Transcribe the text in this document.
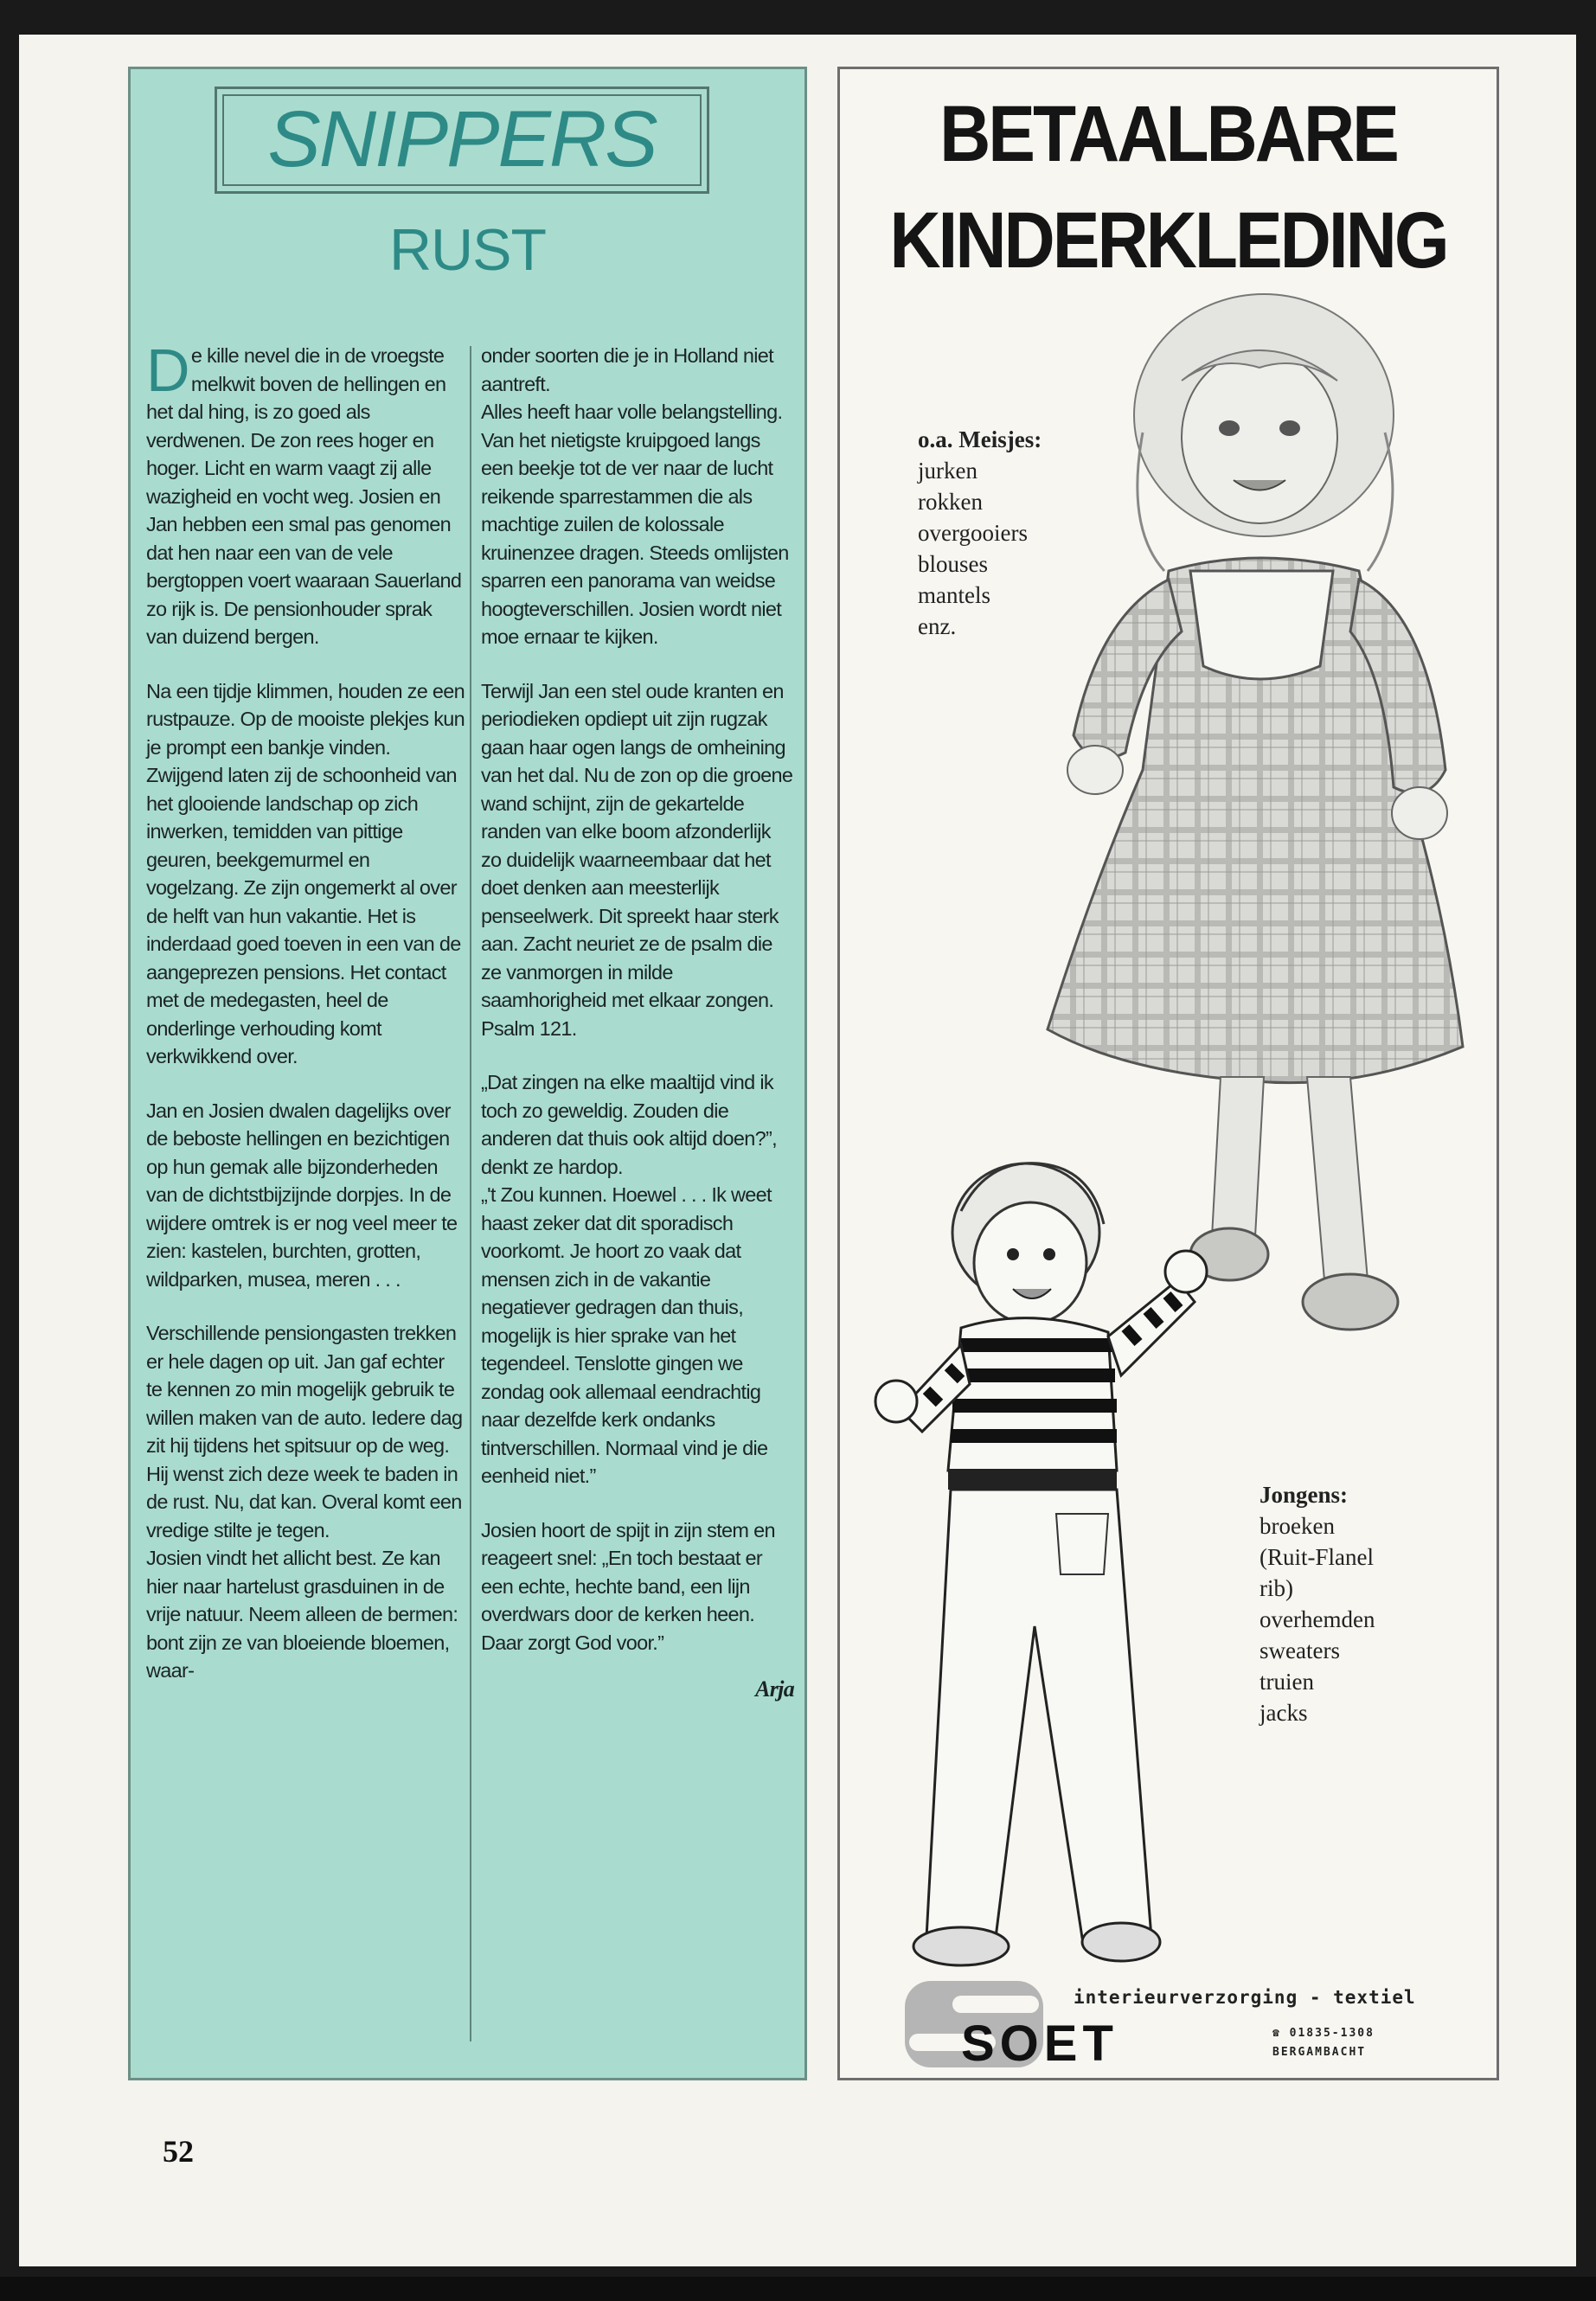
SNIPPERS
RUST

De kille nevel die in de vroegste melkwit boven de hellingen en het dal hing, is zo goed als verdwenen. De zon rees hoger en hoger. Licht en warm vaagt zij alle wazigheid en vocht weg. Josien en Jan hebben een smal pas genomen dat hen naar een van de vele bergtoppen voert waaraan Sauerland zo rijk is. De pensionhouder sprak van duizend bergen.

Na een tijdje klimmen, houden ze een rustpauze. Op de mooiste plekjes kun je prompt een bankje vinden. Zwijgend laten zij de schoonheid van het glooiende landschap op zich inwerken, temidden van pittige geuren, beekgemurmel en vogelzang. Ze zijn ongemerkt al over de helft van hun vakantie. Het is inderdaad goed toeven in een van de aangeprezen pensions. Het contact met de medegasten, heel de onderlinge verhouding komt verkwikkend over.

Jan en Josien dwalen dagelijks over de beboste hellingen en bezichtigen op hun gemak alle bijzonderheden van de dichtstbijzijnde dorpjes. In de wijdere omtrek is er nog veel meer te zien: kastelen, burchten, grotten, wildparken, musea, meren . . .

Verschillende pensiongasten trekken er hele dagen op uit. Jan gaf echter te kennen zo min mogelijk gebruik te willen maken van de auto. Iedere dag zit hij tijdens het spitsuur op de weg. Hij wenst zich deze week te baden in de rust. Nu, dat kan. Overal komt een vredige stilte je tegen.
Josien vindt het allicht best. Ze kan hier naar hartelust grasduinen in de vrije natuur. Neem alleen de bermen: bont zijn ze van bloeiende bloemen, waar-

onder soorten die je in Holland niet aantreft.
Alles heeft haar volle belangstelling. Van het nietigste kruipgoed langs een beekje tot de ver naar de lucht reikende sparrestammen die als machtige zuilen de kolossale kruinenzee dragen. Steeds omlijsten sparren een panorama van weidse hoogteverschillen. Josien wordt niet moe ernaar te kijken.

Terwijl Jan een stel oude kranten en periodieken opdiept uit zijn rugzak gaan haar ogen langs de omheining van het dal. Nu de zon op die groene wand schijnt, zijn de gekartelde randen van elke boom afzonderlijk zo duidelijk waarneembaar dat het doet denken aan meesterlijk penseelwerk. Dit spreekt haar sterk aan. Zacht neuriet ze de psalm die ze vanmorgen in milde saamhorigheid met elkaar zongen. Psalm 121.

„Dat zingen na elke maaltijd vind ik toch zo geweldig. Zouden die anderen dat thuis ook altijd doen?”, denkt ze hardop.
„'t Zou kunnen. Hoewel . . . Ik weet haast zeker dat dit sporadisch voorkomt. Je hoort zo vaak dat mensen zich in de vakantie negatiever gedragen dan thuis, mogelijk is hier sprake van het tegendeel. Tenslotte gingen we zondag ook allemaal eendrachtig naar dezelfde kerk ondanks tintverschillen. Normaal vind je die eenheid niet.”

Josien hoort de spijt in zijn stem en reageert snel: „En toch bestaat er een echte, hechte band, een lijn overdwars door de kerken heen. Daar zorgt God voor.”

Arja
BETAALBARE
KINDERKLEDING
o.a. Meisjes:
jurken
rokken
overgooiers
blouses
mantels
enz.
Jongens:
broeken
(Ruit-Flanel
rib)
overhemden
sweaters
truien
jacks
interieurverzorging - textiel
SOET	☎ 01835-1308
BERGAMBACHT
52
